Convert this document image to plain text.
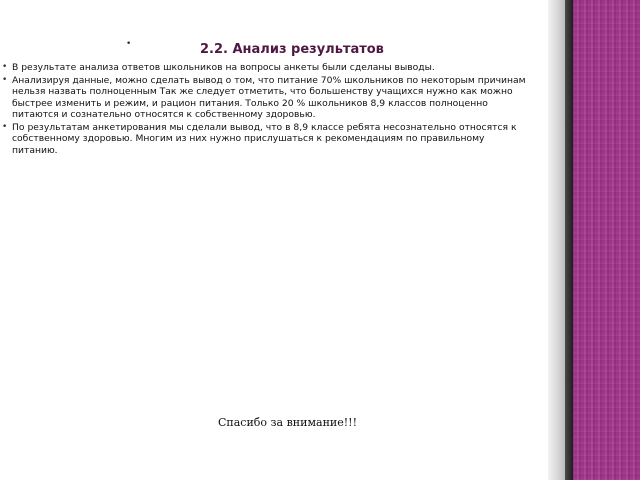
•	2.2. Анализ результатов
• В результате анализа ответов школьников на вопросы анкеты были сделаны выводы.
• Анализируя данные, можно сделать вывод о том, что питание 70% школьников по некоторым причинам нельзя назвать полноценным Так же следует отметить, что большенству учащихся нужно как можно быстрее изменить и режим, и рацион питания. Только 20 % школьников 8,9 классов полноценно питаются и сознательно относятся к собственному здоровью.
• По результатам анкетирования мы сделали вывод, что в 8,9 классе ребята несознательно относятся к собственному здоровью. Многим из них нужно прислушаться к рекомендациям по правильному питанию.
Спасибо за внимание!!!
